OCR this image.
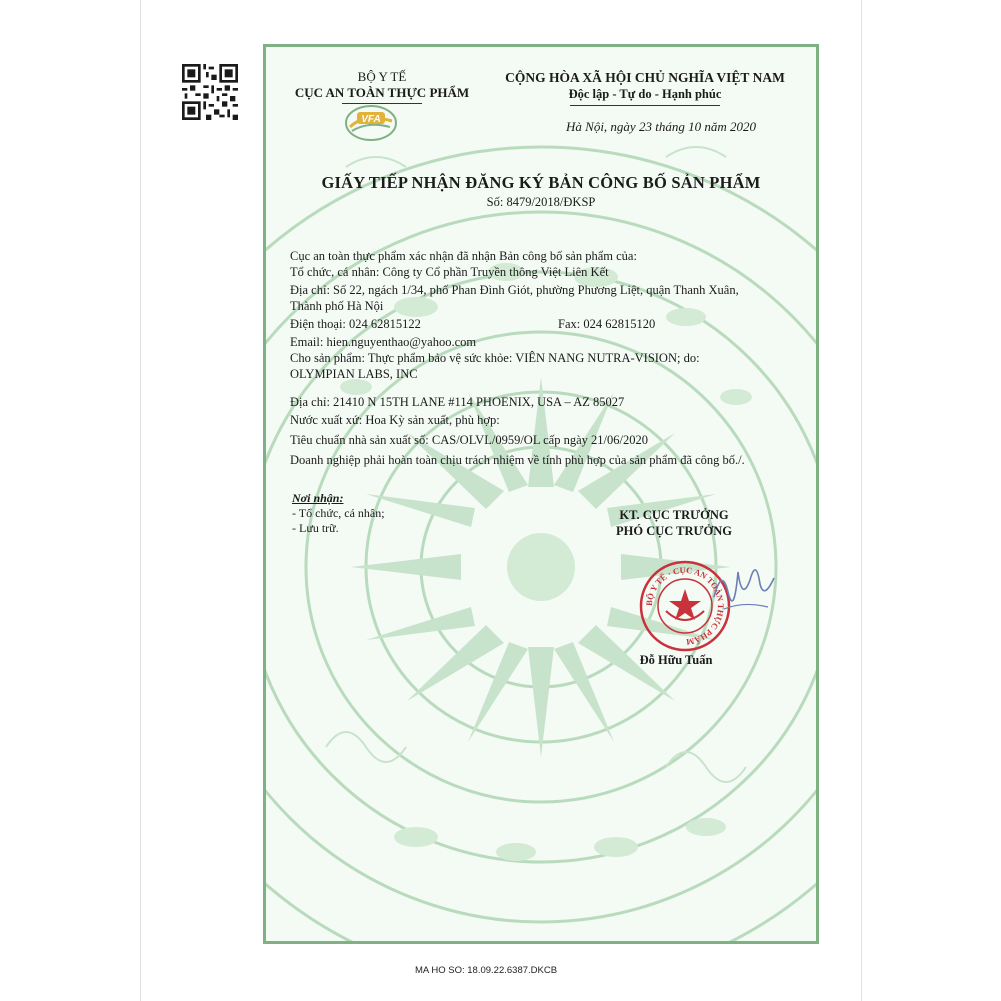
BỘ Y TẾ
CỤC AN TOÀN THỰC PHẨM
VFA
CỘNG HÒA XÃ HỘI CHỦ NGHĨA VIỆT NAM
Độc lập - Tự do - Hạnh phúc
Hà Nội, ngày 23 tháng 10 năm 2020
GIẤY TIẾP NHẬN ĐĂNG KÝ BẢN CÔNG BỐ SẢN PHẨM
Số: 8479/2018/ĐKSP
Cục an toàn thực phẩm xác nhận đã nhận Bản công bố sản phẩm của:
Tổ chức, cá nhân: Công ty Cổ phần Truyền thông Việt Liên Kết
Địa chỉ: Số 22, ngách 1/34, phố Phan Đình Giót, phường Phương Liệt, quận Thanh Xuân,
Thành phố Hà Nội
Điện thoại: 024 62815122	Fax: 024 62815120
Email: hien.nguyenthao@yahoo.com
Cho sản phẩm: Thực phẩm bảo vệ sức khỏe: VIÊN NANG NUTRA-VISION; do:
OLYMPIAN LABS, INC
Địa chỉ: 21410 N 15TH LANE #114 PHOENIX, USA – AZ 85027
Nước xuất xứ: Hoa Kỳ sản xuất, phù hợp:
Tiêu chuẩn nhà sản xuất số: CAS/OLVL/0959/OL cấp ngày 21/06/2020
Doanh nghiệp phải hoàn toàn chịu trách nhiệm về tính phù hợp của sản phẩm đã công bố./.
Nơi nhận:
- Tổ chức, cá nhân;
- Lưu trữ.
KT. CỤC TRƯỞNG
PHÓ CỤC TRƯỞNG
BỘ Y TẾ · CỤC AN TOÀN THỰC PHẨM
Đỗ Hữu Tuấn
MA HO SO: 18.09.22.6387.DKCB
